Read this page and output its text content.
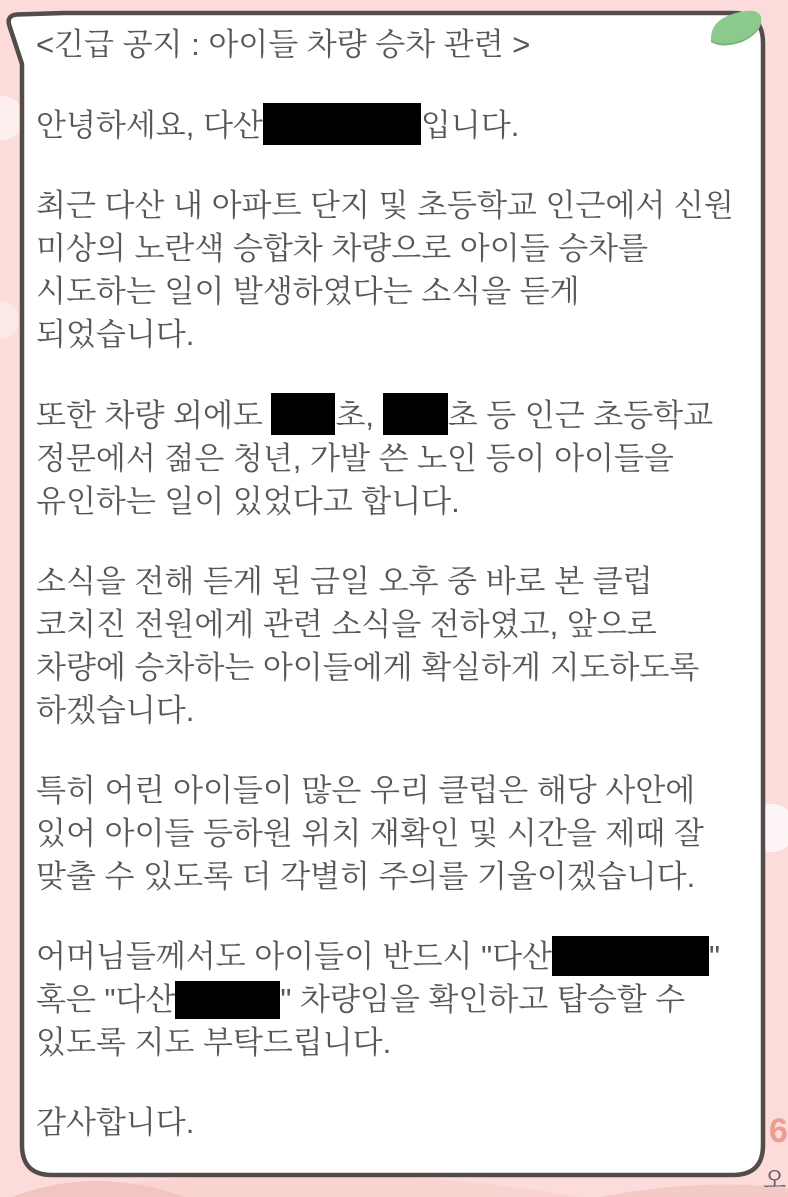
<긴급 공지 : 아이들 차량 승차 관련 >
안녕하세요, 다산	입니다.
최근 다산 내 아파트 단지 및 초등학교 인근에서 신원
미상의 노란색 승합차 차량으로 아이들 승차를
시도하는 일이 발생하였다는 소식을 듣게
되었습니다.
또한 차량 외에도 초, 초 등 인근 초등학교
정문에서 젊은 청년, 가발 쓴 노인 등이 아이들을
유인하는 일이 있었다고 합니다.
소식을 전해 듣게 된 금일 오후 중 바로 본 클럽
코치진 전원에게 관련 소식을 전하였고, 앞으로
차량에 승차하는 아이들에게 확실하게 지도하도록
하겠습니다.
특히 어린 아이들이 많은 우리 클럽은 해당 사안에
있어 아이들 등하원 위치 재확인 및 시간을 제때 잘
맞출 수 있도록 더 각별히 주의를 기울이겠습니다.
어머님들께서도 아이들이 반드시 "다산	"
혹은 "다산	" 차량임을 확인하고 탑승할 수
있도록 지도 부탁드립니다.
감사합니다.	6
오
